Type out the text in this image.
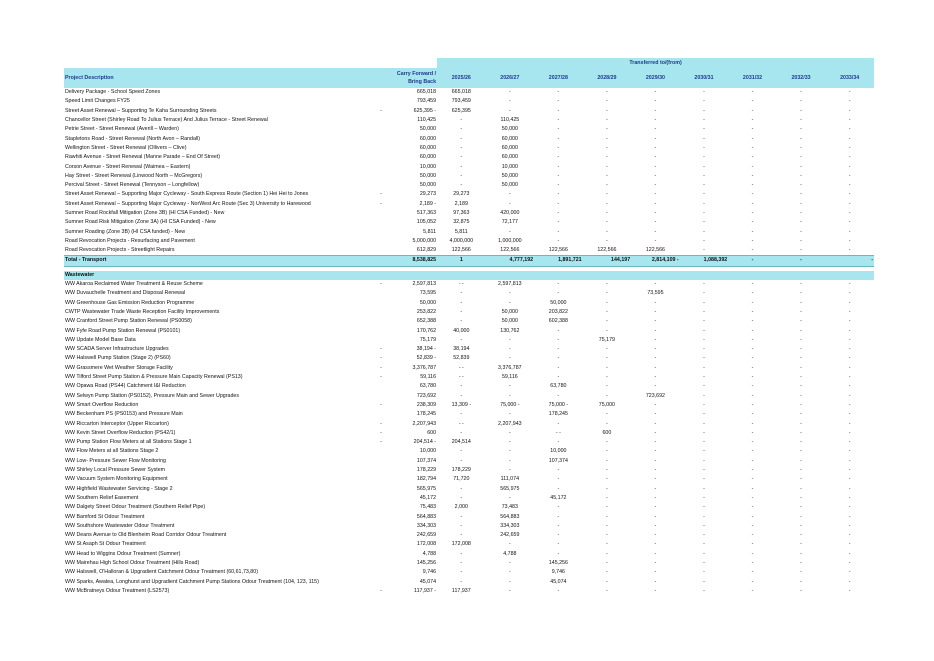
		Transferred to/(from)								
Project Description	Carry Forward / Bring Back	2025/26	2026/27	2027/28	2028/29	2029/30	2030/31	2031/32	2032/33	2033/34
Delivery Package - School Speed Zones	665,018	665,018	-	-	-	-	-	-	-	-
Speed Limit Changes FY25	793,459	793,459	-	-	-	-	-	-	-	-
Street Asset Renewal – Supporting Te Kaha Surrounding Streets -	625,395 -	625,395	-	-	-	-	-	-	-	-
Chancellor Street (Shirley Road To Julius Terrace) And Julius Terrace - Street Renewal	110,425	-	110,425	-	-	-	-	-	-	-
Petrie Street - Street Renewal (Averill – Warden)	50,000	-	50,000	-	-	-	-	-	-	-
Stapletons Road - Street Renewal (North Avon – Randall)	60,000	-	60,000	-	-	-	-	-	-	-
Wellington Street - Street Renewal (Ollivers – Clive)	60,000	-	60,000	-	-	-	-	-	-	-
Rawhiti Avenue - Street Renewal (Manne Parade – End Of Street)	60,000	-	60,000	-	-	-	-	-	-	-
Corson Avenue - Street Renewal (Waimea – Eastern)	10,000	-	10,000	-	-	-	-	-	-	-
Hay Street - Street Renewal (Linwood North – McGregors)	50,000	-	50,000	-	-	-	-	-	-	-
Percival Street - Street Renewal (Tennyson – Longfellow)	50,000	-	50,000	-	-	-	-	-	-	-
Street Asset Renewal – Supporting Major Cycleway - South Express Route (Section 1) Hei Hei to Jones -	29,273	29,273	-	-	-	-	-	-	-	-
Street Asset Renewal – Supporting Major Cycleway - NorWest Arc Route (Sec 3) University to Harewood -	2,189 -	2,189	-	-	-	-	-	-	-	-
Sumner Road Rockfall Mitigation (Zone 3B) (HI CSA Funded) - New	517,363	97,363	420,000	-	-	-	-	-	-	-
Sumner Road Risk Mitigation (Zone 3A) (HI CSA Funded) - New	105,052	32,875	72,177	-	-	-	-	-	-	-
Sumner Roading (Zone 3B) (HI CSA funded) - New	5,811	5,811	-	-	-	-	-	-	-	-
Road Revocation Projects - Resurfacing and Pavement	5,000,000	4,000,000	1,000,000	-	-	-	-	-	-	-
Road Revocation Projects - Streetlight Repairs	612,829	122,566	122,566	122,566	122,566	122,566	-	-	-	-
Total - Transport	8,538,825	1	4,777,192	1,891,721	144,197	2,814,109 -	1,088,392	-	-	-

Wastewater										
WW Akaroa Reclaimed Water Treatment & Reuse Scheme -	2,597,813	- -	2,597,813	-	-	-	-	-	-	-
WW Duvauchelle Treatment and Disposal Renewal	73,595	-	-	-	-	73,595	-	-	-	-
WW Greenhouse Gas Emission Reduction Programme	50,000	-	-	50,000	-	-	-	-	-	-
CWTP Wastewater Trade Waste Reception Facility Improvements	253,822	-	50,000	203,822	-	-	-	-	-	-
WW Cranford Street Pump Station Renewal (PS0058)	652,388	-	50,000	602,388	-	-	-	-	-	-
WW Fyfe Road Pump Station Renewal (PS0101)	170,762	40,000	130,762	-	-	-	-	-	-	-
WW Update Model Base Data	75,179	-	-	-	75,179	-	-	-	-	-
WW SCADA Server Infrastructure Upgrades -	38,194 -	38,194	-	-	-	-	-	-	-	-
WW Halswell Pump Station (Stage 2) (PS60) -	52,839 -	52,839	-	-	-	-	-	-	-	-
WW Grassmere Wet Weather Storage Facility -	3,376,787	- -	3,376,787	-	-	-	-	-	-	-
WW Tilford Street Pump Station & Pressure Main Capacity Renewal (PS13) -	59,116	- -	59,116	-	-	-	-	-	-	-
WW Opawa Road (PS44) Catchment I&I Reduction	63,780	-	-	63,780	-	-	-	-	-	-
WW Selwyn Pump Station (PS0152), Pressure Main and Sewer Upgrades	723,692	-	-	-	-	723,692	-	-	-	-
WW Smart Overflow Reduction -	238,309	13,309 -	75,000 -	75,000 -	75,000	-	-	-	-	-
WW Beckenham PS (PS0153) and Pressure Main	178,245	-	-	178,245	-	-	-	-	-	-
WW Riccarton Interceptor (Upper Riccarton) -	2,207,943	- -	2,207,943	-	-	-	-	-	-	-
WW Kevin Street Overflow Reduction (PS42/1) -	600	-	-	- -	600	-	-	-	-	-
WW Pump Station Flow Meters at all Stations Stage 1 -	204,514 -	204,514	-	-	-	-	-	-	-	-
WW Flow Meters at all Stations Stage 2	10,000	-	-	10,000	-	-	-	-	-	-
WW Low- Pressure Sewer Flow Monitoring	107,374	-	-	107,374	-	-	-	-	-	-
WW Shirley Local Pressure Sewer System	178,229	178,229	-	-	-	-	-	-	-	-
WW Vacuum System Monitoring Equipment	182,794	71,720	111,074	-	-	-	-	-	-	-
WW Highfield Wastewater Servicing - Stage 2	565,975	-	565,975	-	-	-	-	-	-	-
WW Southern Relief Easement	45,172	-	-	45,172	-	-	-	-	-	-
WW Dalgety Street Odour Treatment (Southern Relief Pipe)	75,483	2,000	73,483	-	-	-	-	-	-	-
WW Bamford St Odour Treatment	564,883	-	564,883	-	-	-	-	-	-	-
WW Southshore Wastewater Odour Treatment	334,303	-	334,303	-	-	-	-	-	-	-
WW Deans Avenue to Old Blenheim Road Corridor Odour Treatment	242,659	-	242,659	-	-	-	-	-	-	-
WW St Asaph St Odour Treatment	172,008	172,008	-	-	-	-	-	-	-	-
WW Head to Wiggins Odour Treatment (Sumner)	4,788	-	4,788	-	-	-	-	-	-	-
WW Mairehau High School Odour Treatment (Hills Road)	145,256	-	-	145,256	-	-	-	-	-	-
WW Halswell, O'Halloran & Upgradient Catchment Odour Treatment (60,61,73,80)	9,746	-	-	9,746	-	-	-	-	-	-
WW Sparks, Awatea, Longhurst and Upgradient Catchment Pump Stations Odour Treatment (104, 123, 115)	45,074	-	-	45,074	-	-	-	-	-	-
WW McBratneys Odour Treatment (LS2573) -	117,937 -	117,937	-	-	-	-	-	-	-	-
